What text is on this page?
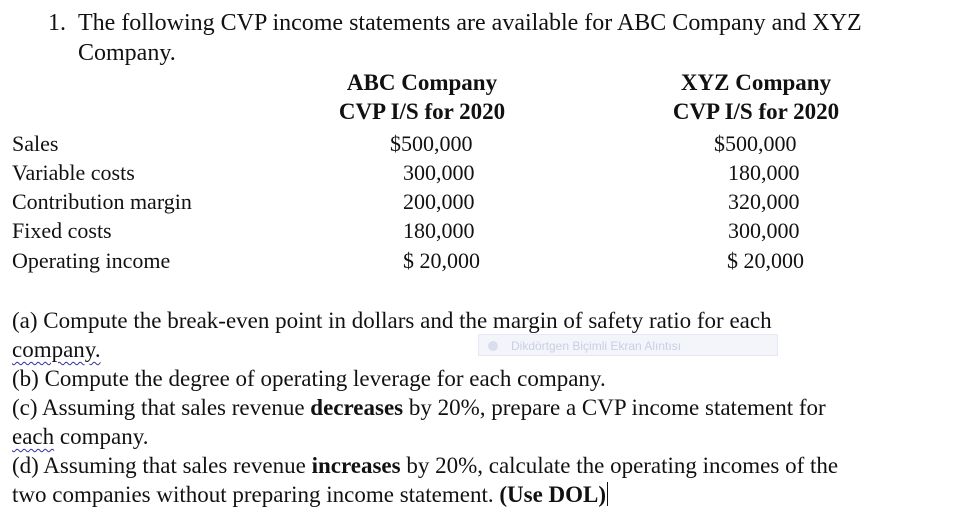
1. The following CVP income statements are available for ABC Company and XYZ
Company.
ABC Company
CVP I/S for 2020
XYZ Company
CVP I/S for 2020
Sales	$500,000	$500,000
Variable costs	300,000	180,000
Contribution margin	200,000	320,000
Fixed costs	180,000	300,000
Operating income	$ 20,000	$ 20,000
Dikdörtgen Biçimli Ekran Alıntısı
(a) Compute the break-even point in dollars and the margin of safety ratio for each
company.
(b) Compute the degree of operating leverage for each company.
(c) Assuming that sales revenue decreases by 20%, prepare a CVP income statement for
each company.
(d) Assuming that sales revenue increases by 20%, calculate the operating incomes of the
two companies without preparing income statement. (Use DOL)
